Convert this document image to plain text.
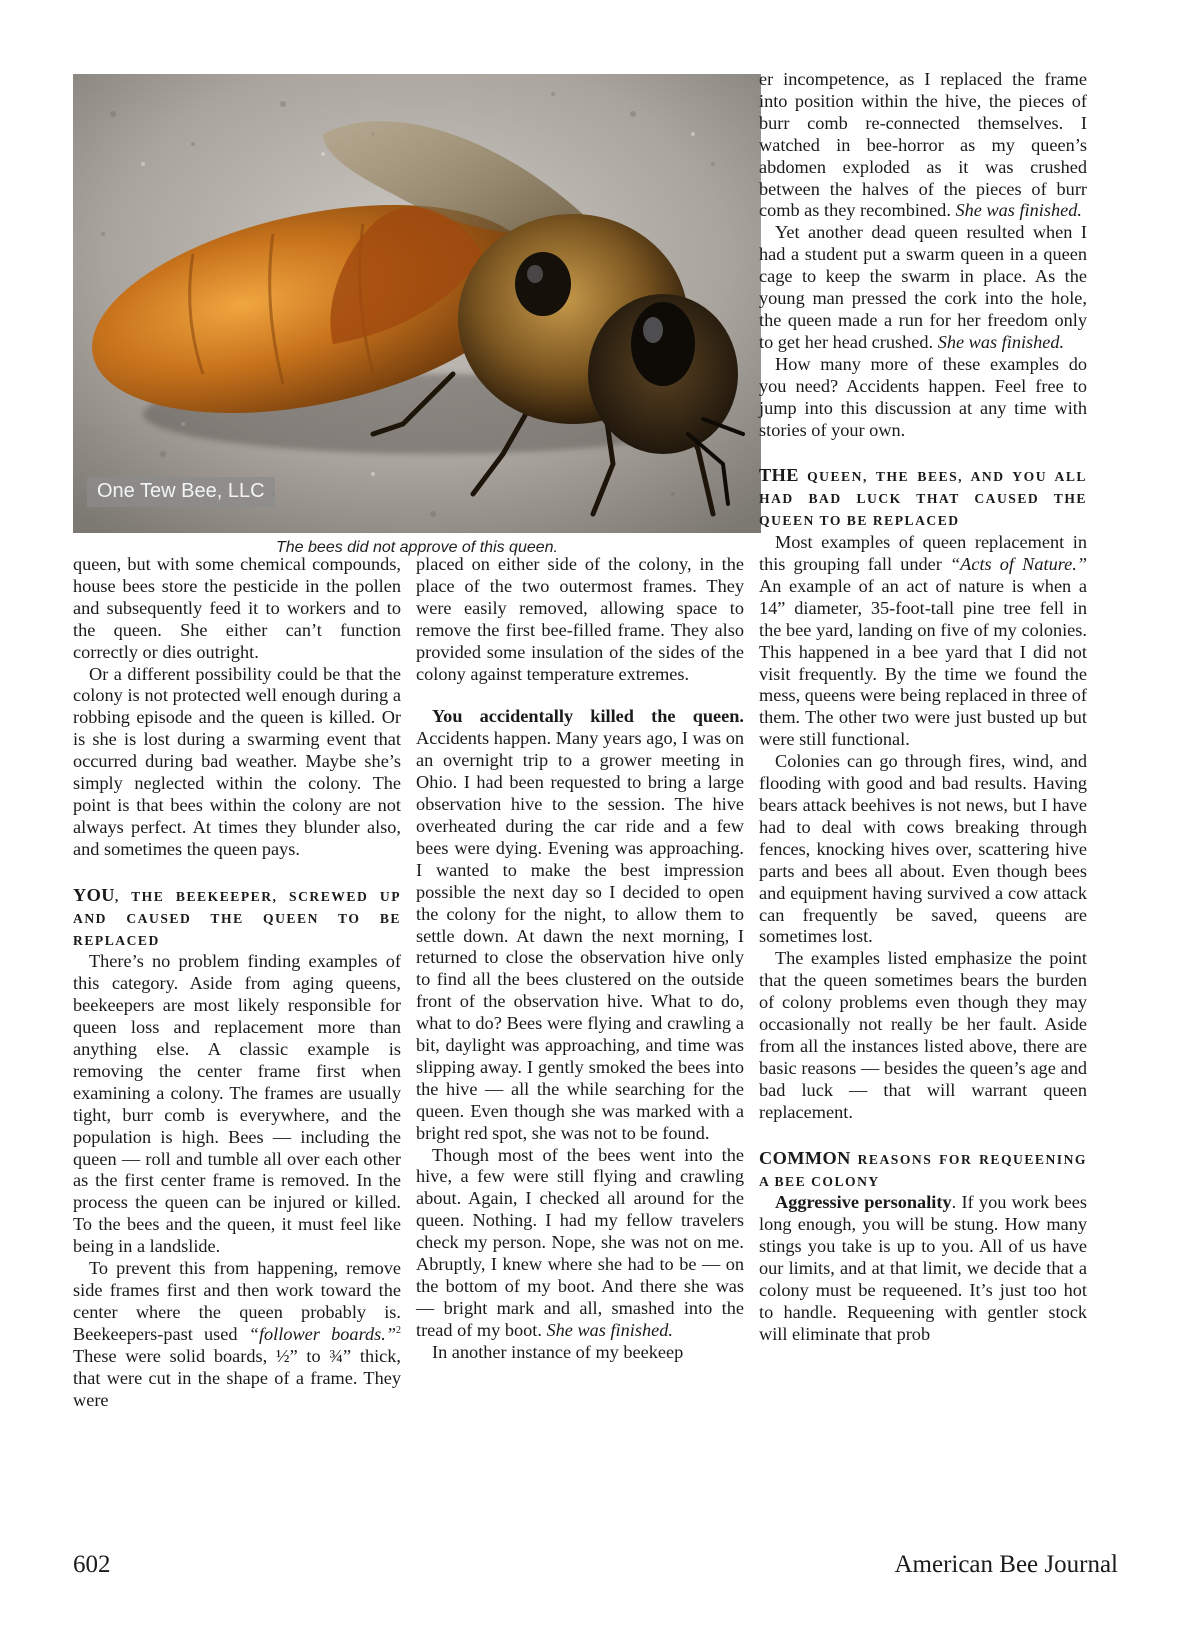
One Tew Bee, LLC
The bees did not approve of this queen.

queen, but with some chemical compounds, house bees store the pesticide in the pollen and subsequently feed it to workers and to the queen. She either can’t function correctly or dies outright.

Or a different possibility could be that the colony is not protected well enough during a robbing episode and the queen is killed. Or is she is lost during a swarming event that occurred during bad weather. Maybe she’s simply neglected within the colony. The point is that bees within the colony are not always perfect. At times they blunder also, and sometimes the queen pays.

YOU, THE BEEKEEPER, SCREWED UP AND CAUSED THE QUEEN TO BE REPLACED

There’s no problem finding examples of this category. Aside from aging queens, beekeepers are most likely responsible for queen loss and replacement more than anything else. A classic example is removing the center frame first when examining a colony. The frames are usually tight, burr comb is everywhere, and the population is high. Bees — including the queen — roll and tumble all over each other as the first center frame is removed. In the process the queen can be injured or killed. To the bees and the queen, it must feel like being in a landslide.

To prevent this from happening, remove side frames first and then work toward the center where the queen probably is. Beekeepers-past used “follower boards.”$^2$ These were solid boards, ½” to ¾” thick, that were cut in the shape of a frame. They were

placed on either side of the colony, in the place of the two outermost frames. They were easily removed, allowing space to remove the first bee-filled frame. They also provided some insulation of the sides of the colony against temperature extremes.

You accidentally killed the queen. Accidents happen. Many years ago, I was on an overnight trip to a grower meeting in Ohio. I had been requested to bring a large observation hive to the session. The hive overheated during the car ride and a few bees were dying. Evening was approaching. I wanted to make the best impression possible the next day so I decided to open the colony for the night, to allow them to settle down. At dawn the next morning, I returned to close the observation hive only to find all the bees clustered on the outside front of the observation hive. What to do, what to do? Bees were flying and crawling a bit, daylight was approaching, and time was slipping away. I gently smoked the bees into the hive — all the while searching for the queen. Even though she was marked with a bright red spot, she was not to be found.

Though most of the bees went into the hive, a few were still flying and crawling about. Again, I checked all around for the queen. Nothing. I had my fellow travelers check my person. Nope, she was not on me. Abruptly, I knew where she had to be — on the bottom of my boot. And there she was — bright mark and all, smashed into the tread of my boot. She was finished.

In another instance of my beekeep

er incompetence, as I replaced the frame into position within the hive, the pieces of burr comb re-connected themselves. I watched in bee-horror as my queen’s abdomen exploded as it was crushed between the halves of the pieces of burr comb as they recombined. She was finished.

Yet another dead queen resulted when I had a student put a swarm queen in a queen cage to keep the swarm in place. As the young man pressed the cork into the hole, the queen made a run for her freedom only to get her head crushed. She was finished.

How many more of these examples do you need? Accidents happen. Feel free to jump into this discussion at any time with stories of your own.

THE QUEEN, THE BEES, AND YOU ALL HAD BAD LUCK THAT CAUSED THE QUEEN TO BE REPLACED

Most examples of queen replacement in this grouping fall under “Acts of Nature.” An example of an act of nature is when a 14” diameter, 35-foot-tall pine tree fell in the bee yard, landing on five of my colonies. This happened in a bee yard that I did not visit frequently. By the time we found the mess, queens were being replaced in three of them. The other two were just busted up but were still functional.

Colonies can go through fires, wind, and flooding with good and bad results. Having bears attack beehives is not news, but I have had to deal with cows breaking through fences, knocking hives over, scattering hive parts and bees all about. Even though bees and equipment having survived a cow attack can frequently be saved, queens are sometimes lost.

The examples listed emphasize the point that the queen sometimes bears the burden of colony problems even though they may occasionally not really be her fault. Aside from all the instances listed above, there are basic reasons — besides the queen’s age and bad luck — that will warrant queen replacement.

COMMON REASONS FOR REQUEENING A BEE COLONY

Aggressive personality. If you work bees long enough, you will be stung. How many stings you take is up to you. All of us have our limits, and at that limit, we decide that a colony must be requeened. It’s just too hot to handle. Requeening with gentler stock will eliminate that prob

602	American Bee Journal
